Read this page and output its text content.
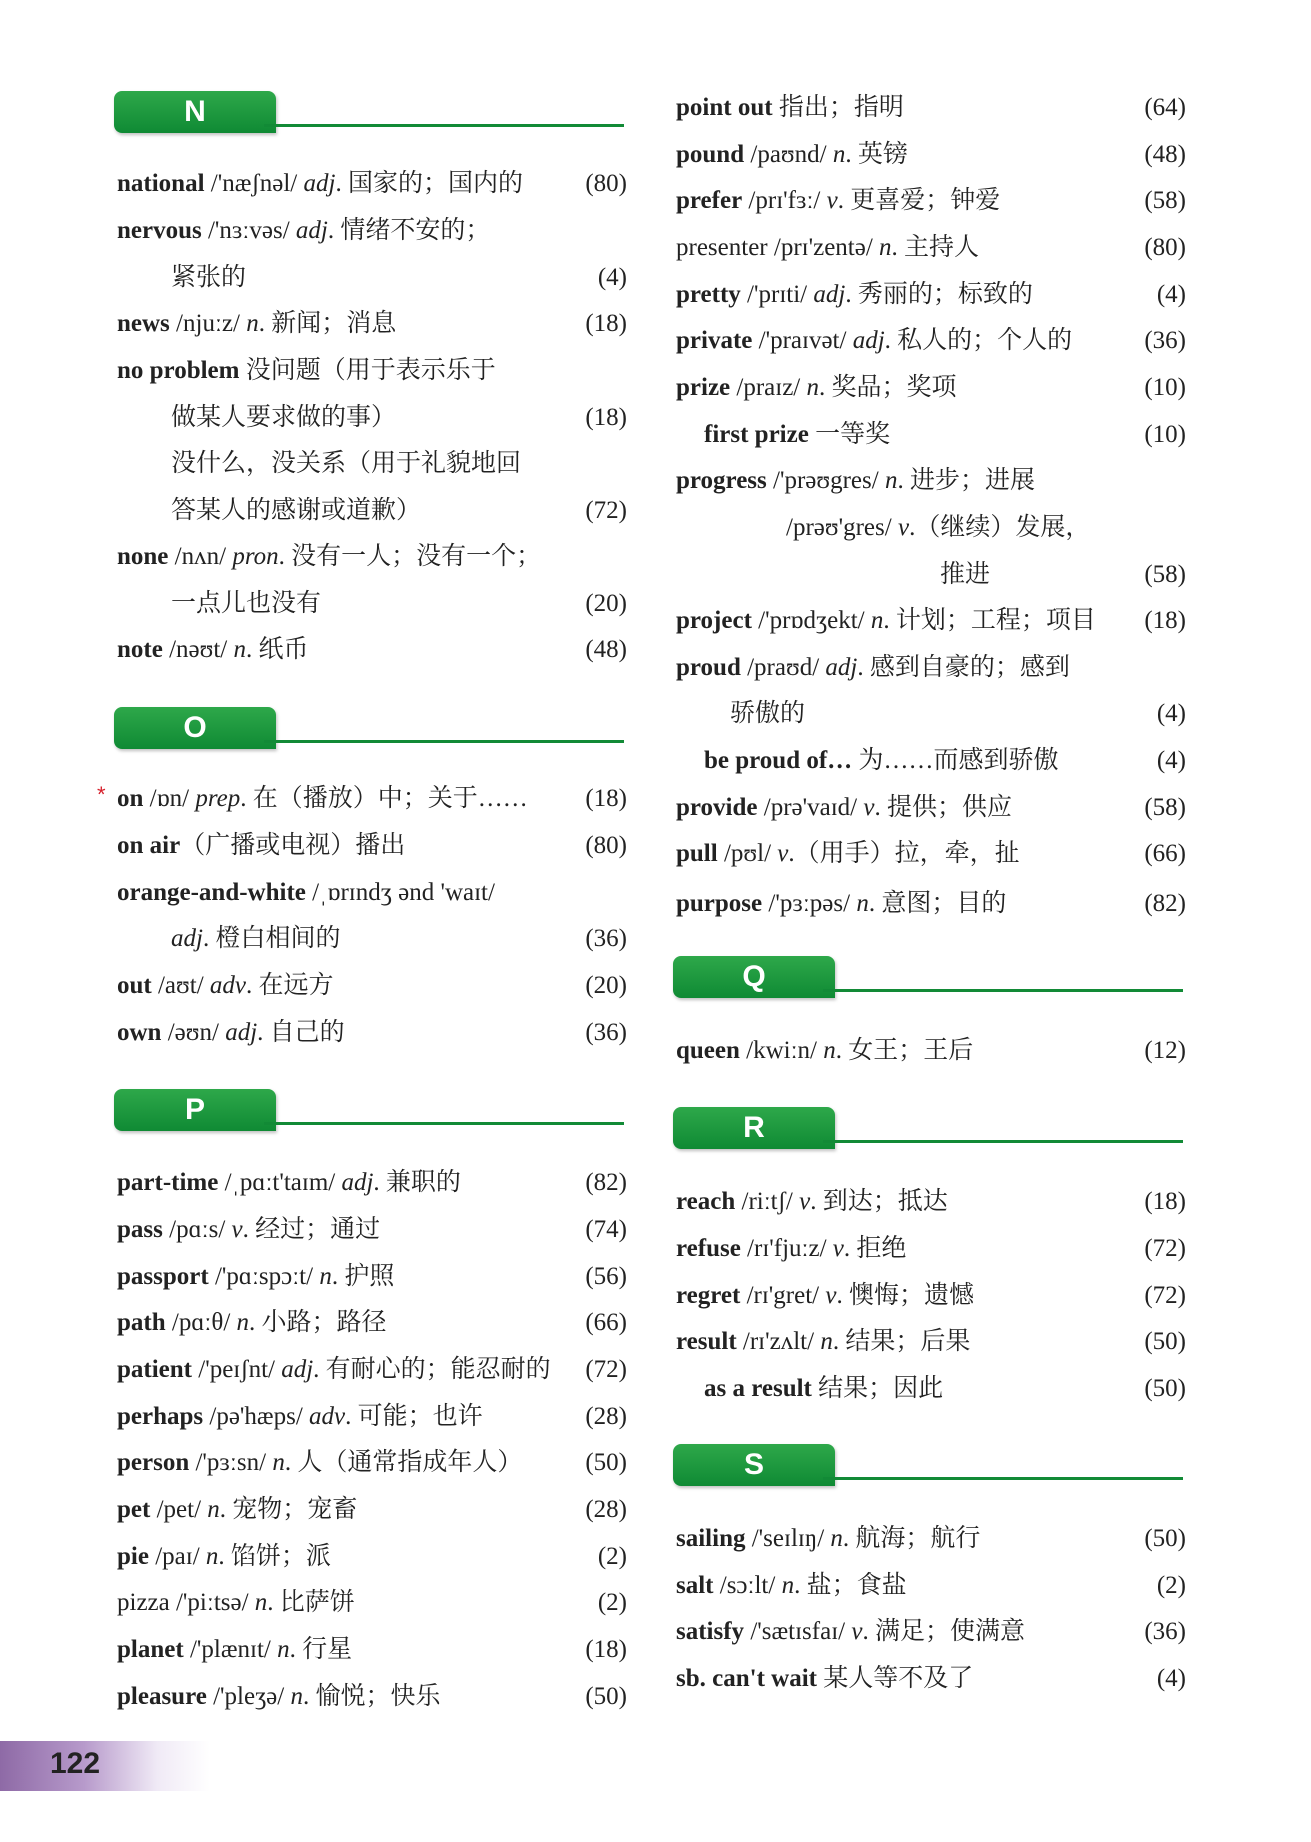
N
national /'næʃnəl/ adj. 国家的；国内的 (80)
nervous /'nɜːvəs/ adj. 情绪不安的；
紧张的	(4)
news /njuːz/ n. 新闻；消息	(18)
no problem 没问题（用于表示乐于
做某人要求做的事）	(18)
没什么，没关系（用于礼貌地回
答某人的感谢或道歉）	(72)
none /nʌn/ pron. 没有一人；没有一个；
一点儿也没有	(20)
note /nəʊt/ n. 纸币	(48)
O
* on /ɒn/ prep. 在（播放）中；关于…… (18)
on air（广播或电视）播出	(80)
orange-and-white /ˌɒrɪndʒ ənd 'waɪt/
adj. 橙白相间的	(36)
out /aʊt/ adv. 在远方	(20)
own /əʊn/ adj. 自己的	(36)
P
part-time /ˌpɑːt'taɪm/ adj. 兼职的	(82)
pass /pɑːs/ v. 经过；通过	(74)
passport /'pɑːspɔːt/ n. 护照	(56)
path /pɑːθ/ n. 小路；路径	(66)
patient /'peɪʃnt/ adj. 有耐心的；能忍耐的 (72)
perhaps /pə'hæps/ adv. 可能；也许	(28)
person /'pɜːsn/ n. 人（通常指成年人）	(50)
pet /pet/ n. 宠物；宠畜	(28)
pie /paɪ/ n. 馅饼；派	(2)
pizza /'piːtsə/ n. 比萨饼	(2)
planet /'plænɪt/ n. 行星	(18)
pleasure /'pleʒə/ n. 愉悦；快乐	(50)
point out 指出；指明	(64)
pound /paʊnd/ n. 英镑	(48)
prefer /prɪ'fɜː/ v. 更喜爱；钟爱	(58)
presenter /prɪ'zentə/ n. 主持人	(80)
pretty /'prɪti/ adj. 秀丽的；标致的	(4)
private /'praɪvət/ adj. 私人的；个人的	(36)
prize /praɪz/ n. 奖品；奖项	(10)
first prize 一等奖	(10)
progress /'prəʊgres/ n. 进步；进展
/prəʊ'gres/ v.（继续）发展，
推进	(58)
project /'prɒdʒekt/ n. 计划；工程；项目 (18)
proud /praʊd/ adj. 感到自豪的；感到
骄傲的	(4)
be proud of… 为……而感到骄傲	(4)
provide /prə'vaɪd/ v. 提供；供应	(58)
pull /pʊl/ v.（用手）拉，牵，扯	(66)
purpose /'pɜːpəs/ n. 意图；目的	(82)
Q
queen /kwiːn/ n. 女王；王后	(12)
R
reach /riːtʃ/ v. 到达；抵达	(18)
refuse /rɪ'fjuːz/ v. 拒绝	(72)
regret /rɪ'gret/ v. 懊悔；遗憾	(72)
result /rɪ'zʌlt/ n. 结果；后果	(50)
as a result 结果；因此	(50)
S
sailing /'seɪlɪŋ/ n. 航海；航行	(50)
salt /sɔːlt/ n. 盐；食盐	(2)
satisfy /'sætɪsfaɪ/ v. 满足；使满意	(36)
sb. can't wait 某人等不及了	(4)
122
